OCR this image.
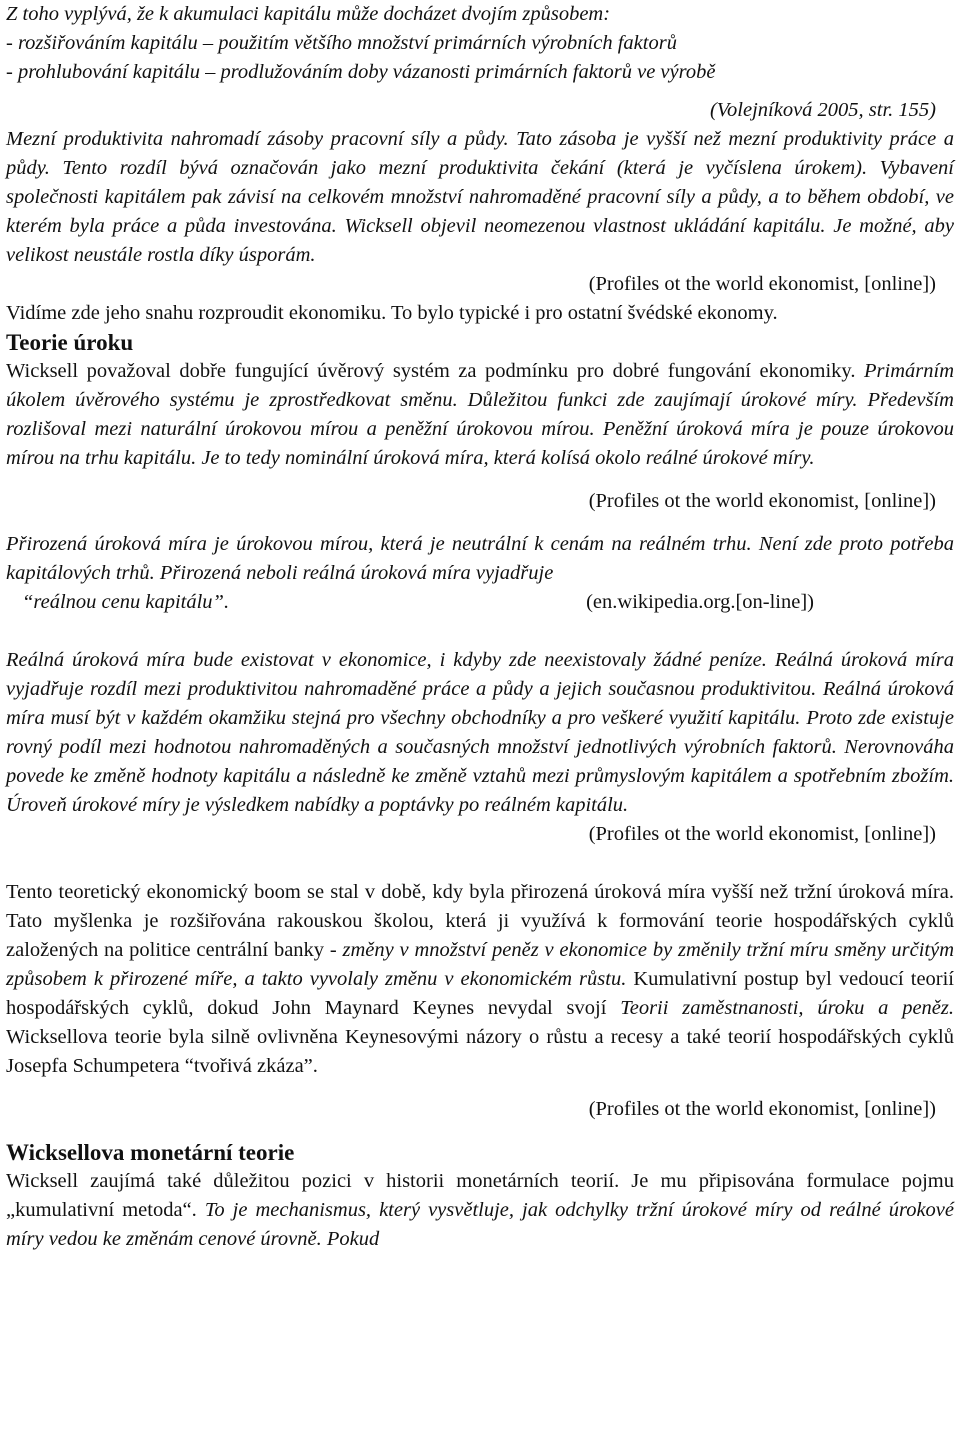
Z toho vyplývá, že k akumulaci kapitálu může docházet dvojím způsobem:

- rozšiřováním kapitálu – použitím většího množství primárních výrobních faktorů

- prohlubování kapitálu – prodlužováním doby vázanosti primárních faktorů ve výrobě

(Volejníková 2005, str. 155)

Mezní produktivita nahromadí zásoby pracovní síly a půdy. Tato zásoba je vyšší než mezní produktivity práce a půdy. Tento rozdíl bývá označován jako mezní produktivita čekání (která je vyčíslena úrokem). Vybavení společnosti kapitálem pak závisí na celkovém množství nahromaděné pracovní síly a půdy, a to během období, ve kterém byla práce a půda investována. Wicksell objevil neomezenou vlastnost ukládání kapitálu. Je možné, aby velikost neustále rostla díky úsporám.

(Profiles ot the world ekonomist, [online])

Vidíme zde jeho snahu rozproudit ekonomiku. To bylo typické i pro ostatní švédské ekonomy.

Teorie úroku

Wicksell považoval dobře fungující úvěrový systém za podmínku pro dobré fungování ekonomiky. Primárním úkolem úvěrového systému je zprostředkovat směnu. Důležitou funkci zde zaujímají úrokové míry. Především rozlišoval mezi naturální úrokovou mírou a peněžní úrokovou mírou. Peněžní úroková míra je pouze úrokovou mírou na trhu kapitálu. Je to tedy nominální úroková míra, která kolísá okolo reálné úrokové míry.

(Profiles ot the world ekonomist, [online])

Přirozená úroková míra je úrokovou mírou, která je neutrální k cenám na reálném trhu. Není zde proto potřeba kapitálových trhů. Přirozená neboli reálná úroková míra vyjadřuje

“reálnou cenu kapitálu”.	(en.wikipedia.org.[on-line])

Reálná úroková míra bude existovat v ekonomice, i kdyby zde neexistovaly žádné peníze. Reálná úroková míra vyjadřuje rozdíl mezi produktivitou nahromaděné práce a půdy a jejich současnou produktivitou. Reálná úroková míra musí být v každém okamžiku stejná pro všechny obchodníky a pro veškeré využití kapitálu. Proto zde existuje rovný podíl mezi hodnotou nahromaděných a současných množství jednotlivých výrobních faktorů. Nerovnováha povede ke změně hodnoty kapitálu a následně ke změně vztahů mezi průmyslovým kapitálem a spotřebním zbožím. Úroveň úrokové míry je výsledkem nabídky a poptávky po reálném kapitálu.

(Profiles ot the world ekonomist, [online])

Tento teoretický ekonomický boom se stal v době, kdy byla přirozená úroková míra vyšší než tržní úroková míra. Tato myšlenka je rozšiřována rakouskou školou, která ji využívá k formování teorie hospodářských cyklů založených na politice centrální banky - změny v množství peněz v ekonomice by změnily tržní míru směny určitým způsobem k přirozené míře, a takto vyvolaly změnu v ekonomickém růstu. Kumulativní postup byl vedoucí teorií hospodářských cyklů, dokud John Maynard Keynes nevydal svojí Teorii zaměstnanosti, úroku a peněz. Wicksellova teorie byla silně ovlivněna Keynesovými názory o růstu a recesy a také teorií hospodářských cyklů Josepfa Schumpetera “tvořivá zkáza”.

(Profiles ot the world ekonomist, [online])

Wicksellova monetární teorie

Wicksell zaujímá také důležitou pozici v historii monetárních teorií. Je mu připisována formulace pojmu „kumulativní metoda“. To je mechanismus, který vysvětluje, jak odchylky tržní úrokové míry od reálné úrokové míry vedou ke změnám cenové úrovně. Pokud
